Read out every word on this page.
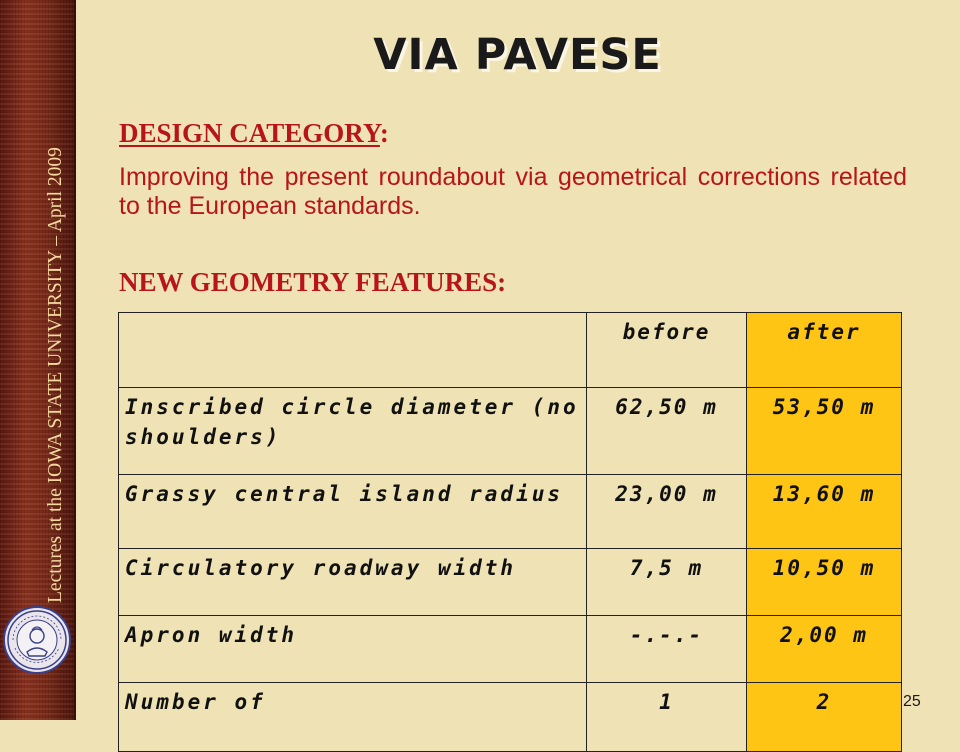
Lectures at the IOWA STATE UNIVERSITY – April 2009
VIA PAVESE
DESIGN CATEGORY:
Improving the present roundabout via geometrical corrections related to the European standards.
NEW GEOMETRY FEATURES:
	before	after
Inscribed circle diameter (no shoulders)	62,50 m	53,50 m
Grassy central island radius	23,00 m	13,60 m
Circulatory roadway width	7,5 m	10,50 m
Apron width	-.-.-	2,00 m
Number of	1	2	25
